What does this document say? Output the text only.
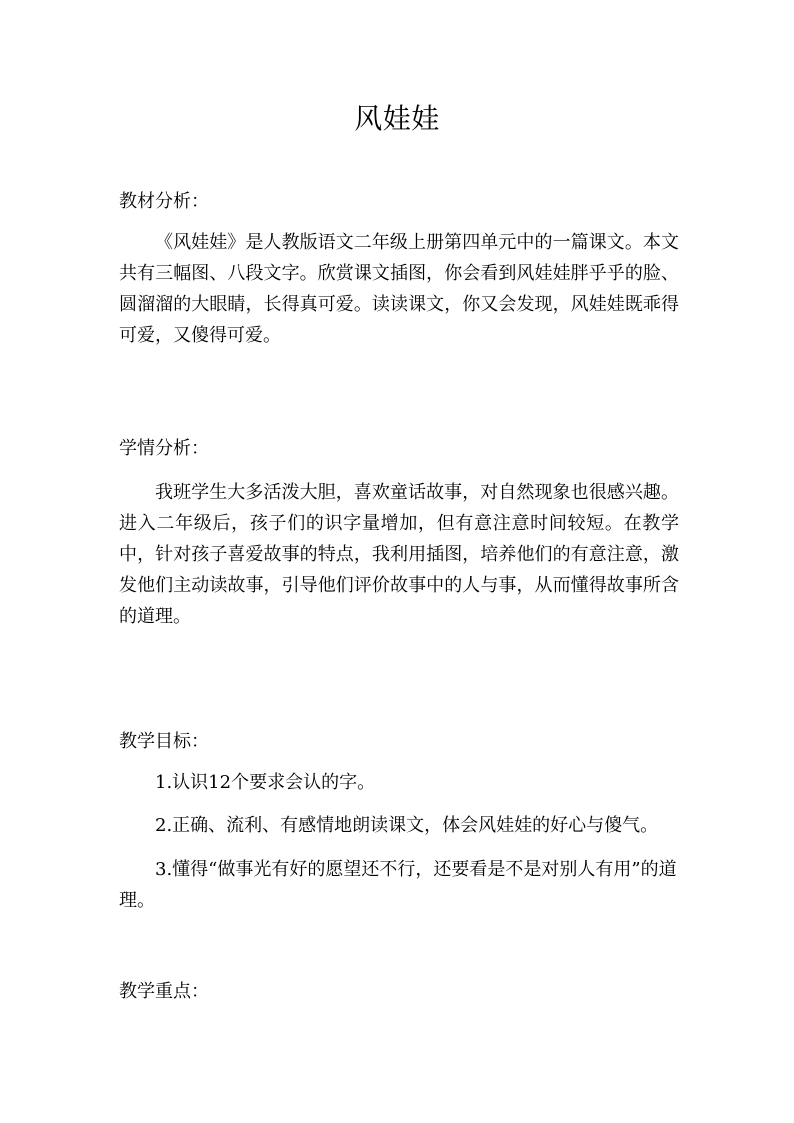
风娃娃
教材分析：
《风娃娃》是人教版语文二年级上册第四单元中的一篇课文。本文共有三幅图、八段文字。欣赏课文插图，你会看到风娃娃胖乎乎的脸、圆溜溜的大眼睛，长得真可爱。读读课文，你又会发现，风娃娃既乖得可爱，又傻得可爱。
学情分析：
我班学生大多活泼大胆，喜欢童话故事，对自然现象也很感兴趣。进入二年级后，孩子们的识字量增加，但有意注意时间较短。在教学中，针对孩子喜爱故事的特点，我利用插图，培养他们的有意注意，激发他们主动读故事，引导他们评价故事中的人与事，从而懂得故事所含的道理。
教学目标：
1.认识12个要求会认的字。
2.正确、流利、有感情地朗读课文，体会风娃娃的好心与傻气。
3.懂得“做事光有好的愿望还不行，还要看是不是对别人有用”的道理。
教学重点：
